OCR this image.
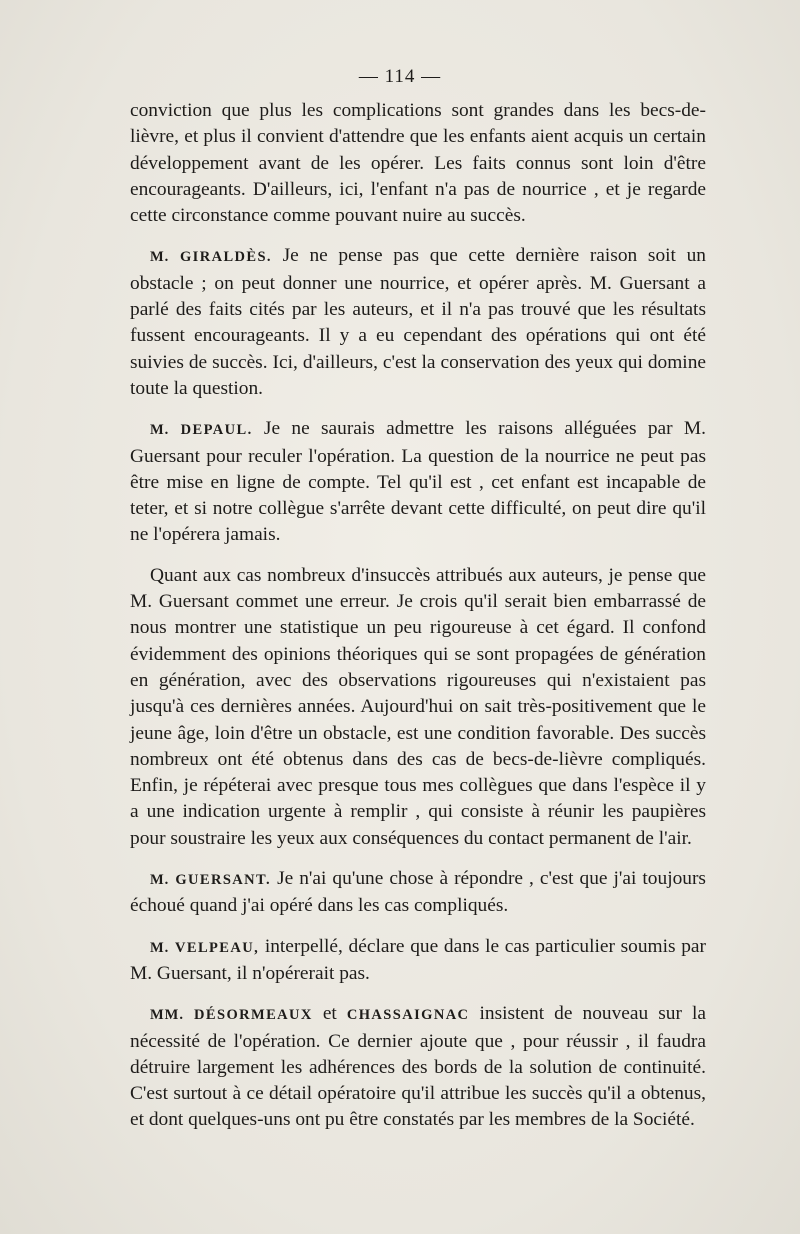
— 114 —

conviction que plus les complications sont grandes dans les becs-de-lièvre, et plus il convient d'attendre que les enfants aient acquis un certain développement avant de les opérer. Les faits connus sont loin d'être encourageants. D'ailleurs, ici, l'enfant n'a pas de nourrice , et je regarde cette circonstance comme pouvant nuire au succès.

M. GIRALDÈS. Je ne pense pas que cette dernière raison soit un obstacle ; on peut donner une nourrice, et opérer après. M. Guersant a parlé des faits cités par les auteurs, et il n'a pas trouvé que les résultats fussent encourageants. Il y a eu cependant des opérations qui ont été suivies de succès. Ici, d'ailleurs, c'est la conservation des yeux qui domine toute la question.

M. DEPAUL. Je ne saurais admettre les raisons alléguées par M. Guersant pour reculer l'opération. La question de la nourrice ne peut pas être mise en ligne de compte. Tel qu'il est , cet enfant est incapable de teter, et si notre collègue s'arrête devant cette difficulté, on peut dire qu'il ne l'opérera jamais.

Quant aux cas nombreux d'insuccès attribués aux auteurs, je pense que M. Guersant commet une erreur. Je crois qu'il serait bien embarrassé de nous montrer une statistique un peu rigoureuse à cet égard. Il confond évidemment des opinions théoriques qui se sont propagées de génération en génération, avec des observations rigoureuses qui n'existaient pas jusqu'à ces dernières années. Aujourd'hui on sait très-positivement que le jeune âge, loin d'être un obstacle, est une condition favorable. Des succès nombreux ont été obtenus dans des cas de becs-de-lièvre compliqués. Enfin, je répéterai avec presque tous mes collègues que dans l'espèce il y a une indication urgente à remplir , qui consiste à réunir les paupières pour soustraire les yeux aux conséquences du contact permanent de l'air.

M. GUERSANT. Je n'ai qu'une chose à répondre , c'est que j'ai toujours échoué quand j'ai opéré dans les cas compliqués.

M. VELPEAU, interpellé, déclare que dans le cas particulier soumis par M. Guersant, il n'opérerait pas.

MM. DÉSORMEAUX et CHASSAIGNAC insistent de nouveau sur la nécessité de l'opération. Ce dernier ajoute que , pour réussir , il faudra détruire largement les adhérences des bords de la solution de continuité. C'est surtout à ce détail opératoire qu'il attribue les succès qu'il a obtenus, et dont quelques-uns ont pu être constatés par les membres de la Société.
